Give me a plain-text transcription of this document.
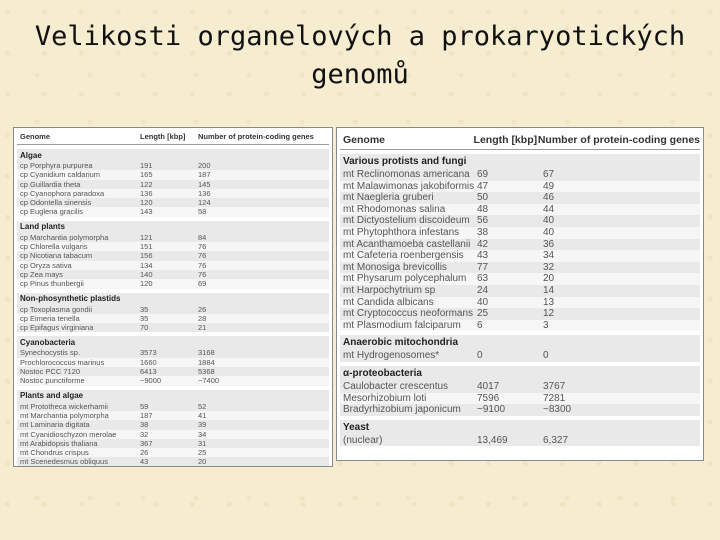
Velikosti organelových a prokaryotických
genomů
Genome	Length [kbp]	Number of protein-coding genes
Algae
cp Porphyra purpurea	191	200
cp Cyanidium caldarium	165	187
cp Guillardia theta	122	145
cp Cyanophora paradoxa	136	136
cp Odontella sinensis	120	124
cp Euglena gracilis	143	58
Land plants
cp Marchantia polymorpha	121	84
cp Chlorella vulgaris	151	76
cp Nicotiana tabacum	156	76
cp Oryza sativa	134	76
cp Zea mays	140	76
cp Pinus thunbergii	120	69
Non-phosynthetic plastids
cp Toxoplasma gondii	35	26
cp Eimeria tenella	35	28
cp Epifagus virginiana	70	21
Cyanobacteria
Synechocystis sp.	3573	3168
Prochlorococcus marinus	1660	1884
Nostoc PCC 7120	6413	5368
Nostoc punctiforme	~9000	~7400
Plants and algae
mt Prototheca wickerhamii	59	52
mt Marchantia polymorpha	187	41
mt Laminaria digitata	38	39
mt Cyanidioschyzon merolae	32	34
mt Arabidopsis thaliana	367	31
mt Chondrus crispus	26	25
mt Scenedesmus obliquus	43	20
Genome	Length [kbp] Number of protein-coding genes
Various protists and fungi
mt Reclinomonas americana 69	67
mt Malawimonas jakobiformis 47	49
mt Naegleria gruberi	50	46
mt Rhodomonas salina	48	44
mt Dictyostelium discoideum 56	40
mt Phytophthora infestans	38	40
mt Acanthamoeba castellanii 42	36
mt Cafeteria roenbergensis	43	34
mt Monosiga brevicollis	77	32
mt Physarum polycephalum	63	20
mt Harpochytrium sp	24	14
mt Candida albicans	40	13
mt Cryptococcus neoformans 25	12
mt Plasmodium falciparum	6	3
Anaerobic mitochondria
mt Hydrogenosomes*	0	0
α-proteobacteria
Caulobacter crescentus	4017	3767
Mesorhizobium loti	7596	7281
Bradyrhizobium japonicum	~9100	~8300
Yeast
(nuclear)	13,469	6,327
